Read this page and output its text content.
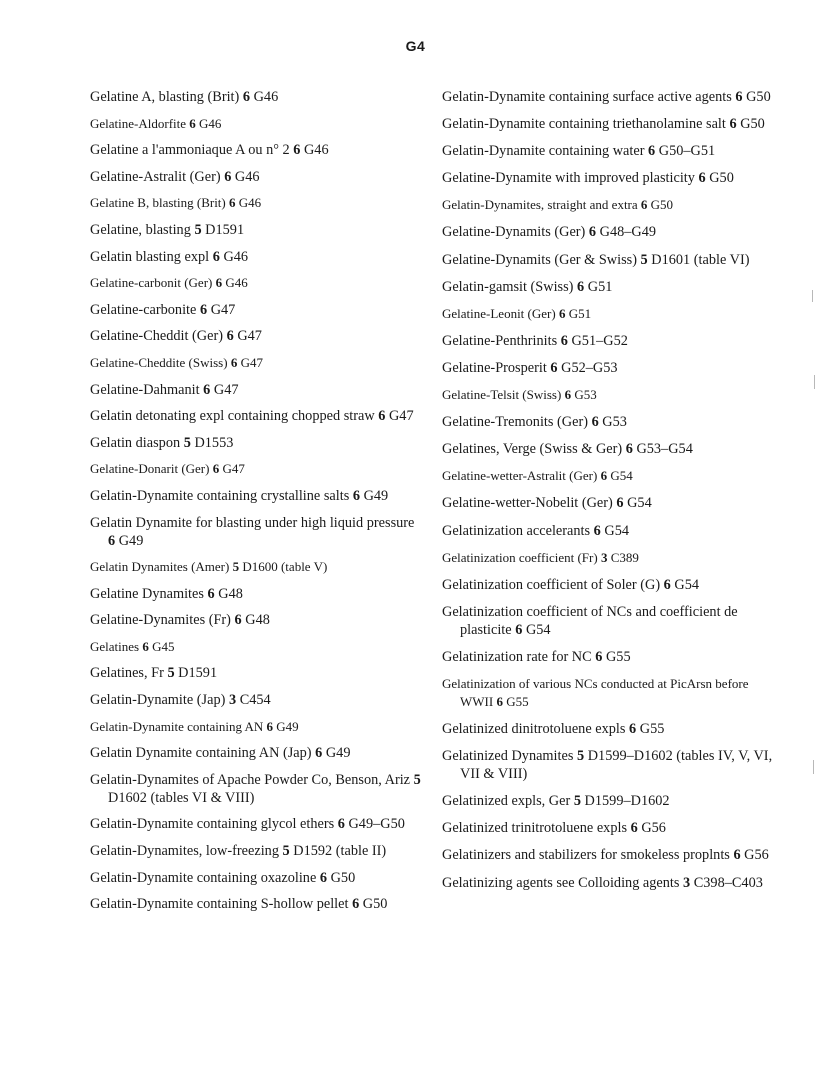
G4
Gelatine A, blasting (Brit) 6 G46
Gelatine-Aldorfite 6 G46
Gelatine a l'ammoniaque A ou n° 2 6 G46
Gelatine-Astralit (Ger) 6 G46
Gelatine B, blasting (Brit) 6 G46
Gelatine, blasting 5 D1591
Gelatin blasting expl 6 G46
Gelatine-carbonit (Ger) 6 G46
Gelatine-carbonite 6 G47
Gelatine-Cheddit (Ger) 6 G47
Gelatine-Cheddite (Swiss) 6 G47
Gelatine-Dahmanit 6 G47
Gelatin detonating expl containing chopped straw 6 G47
Gelatin diaspon 5 D1553
Gelatine-Donarit (Ger) 6 G47
Gelatin-Dynamite containing crystalline salts 6 G49
Gelatin Dynamite for blasting under high liquid pressure 6 G49
Gelatin Dynamites (Amer) 5 D1600 (table V)
Gelatine Dynamites 6 G48
Gelatine-Dynamites (Fr) 6 G48
Gelatines 6 G45
Gelatines, Fr 5 D1591
Gelatin-Dynamite (Jap) 3 C454
Gelatin-Dynamite containing AN 6 G49
Gelatin Dynamite containing AN (Jap) 6 G49
Gelatin-Dynamites of Apache Powder Co, Benson, Ariz 5 D1602 (tables VI & VIII)
Gelatin-Dynamite containing glycol ethers 6 G49–G50
Gelatin-Dynamites, low-freezing 5 D1592 (table II)
Gelatin-Dynamite containing oxazoline 6 G50
Gelatin-Dynamite containing S-hollow pellet 6 G50
Gelatin-Dynamite containing surface active agents 6 G50
Gelatin-Dynamite containing triethanolamine salt 6 G50
Gelatin-Dynamite containing water 6 G50–G51
Gelatine-Dynamite with improved plasticity 6 G50
Gelatin-Dynamites, straight and extra 6 G50
Gelatine-Dynamits (Ger) 6 G48–G49
Gelatine-Dynamits (Ger & Swiss) 5 D1601 (table VI)
Gelatin-gamsit (Swiss) 6 G51
Gelatine-Leonit (Ger) 6 G51
Gelatine-Penthrinits 6 G51–G52
Gelatine-Prosperit 6 G52–G53
Gelatine-Telsit (Swiss) 6 G53
Gelatine-Tremonits (Ger) 6 G53
Gelatines, Verge (Swiss & Ger) 6 G53–G54
Gelatine-wetter-Astralit (Ger) 6 G54
Gelatine-wetter-Nobelit (Ger) 6 G54
Gelatinization accelerants 6 G54
Gelatinization coefficient (Fr) 3 C389
Gelatinization coefficient of Soler (G) 6 G54
Gelatinization coefficient of NCs and coefficient de plasticite 6 G54
Gelatinization rate for NC 6 G55
Gelatinization of various NCs conducted at PicArsn before WWII 6 G55
Gelatinized dinitrotoluene expls 6 G55
Gelatinized Dynamites 5 D1599–D1602 (tables IV, V, VI, VII & VIII)
Gelatinized expls, Ger 5 D1599–D1602
Gelatinized trinitrotoluene expls 6 G56
Gelatinizers and stabilizers for smokeless proplnts 6 G56
Gelatinizing agents see Colloiding agents 3 C398–C403
